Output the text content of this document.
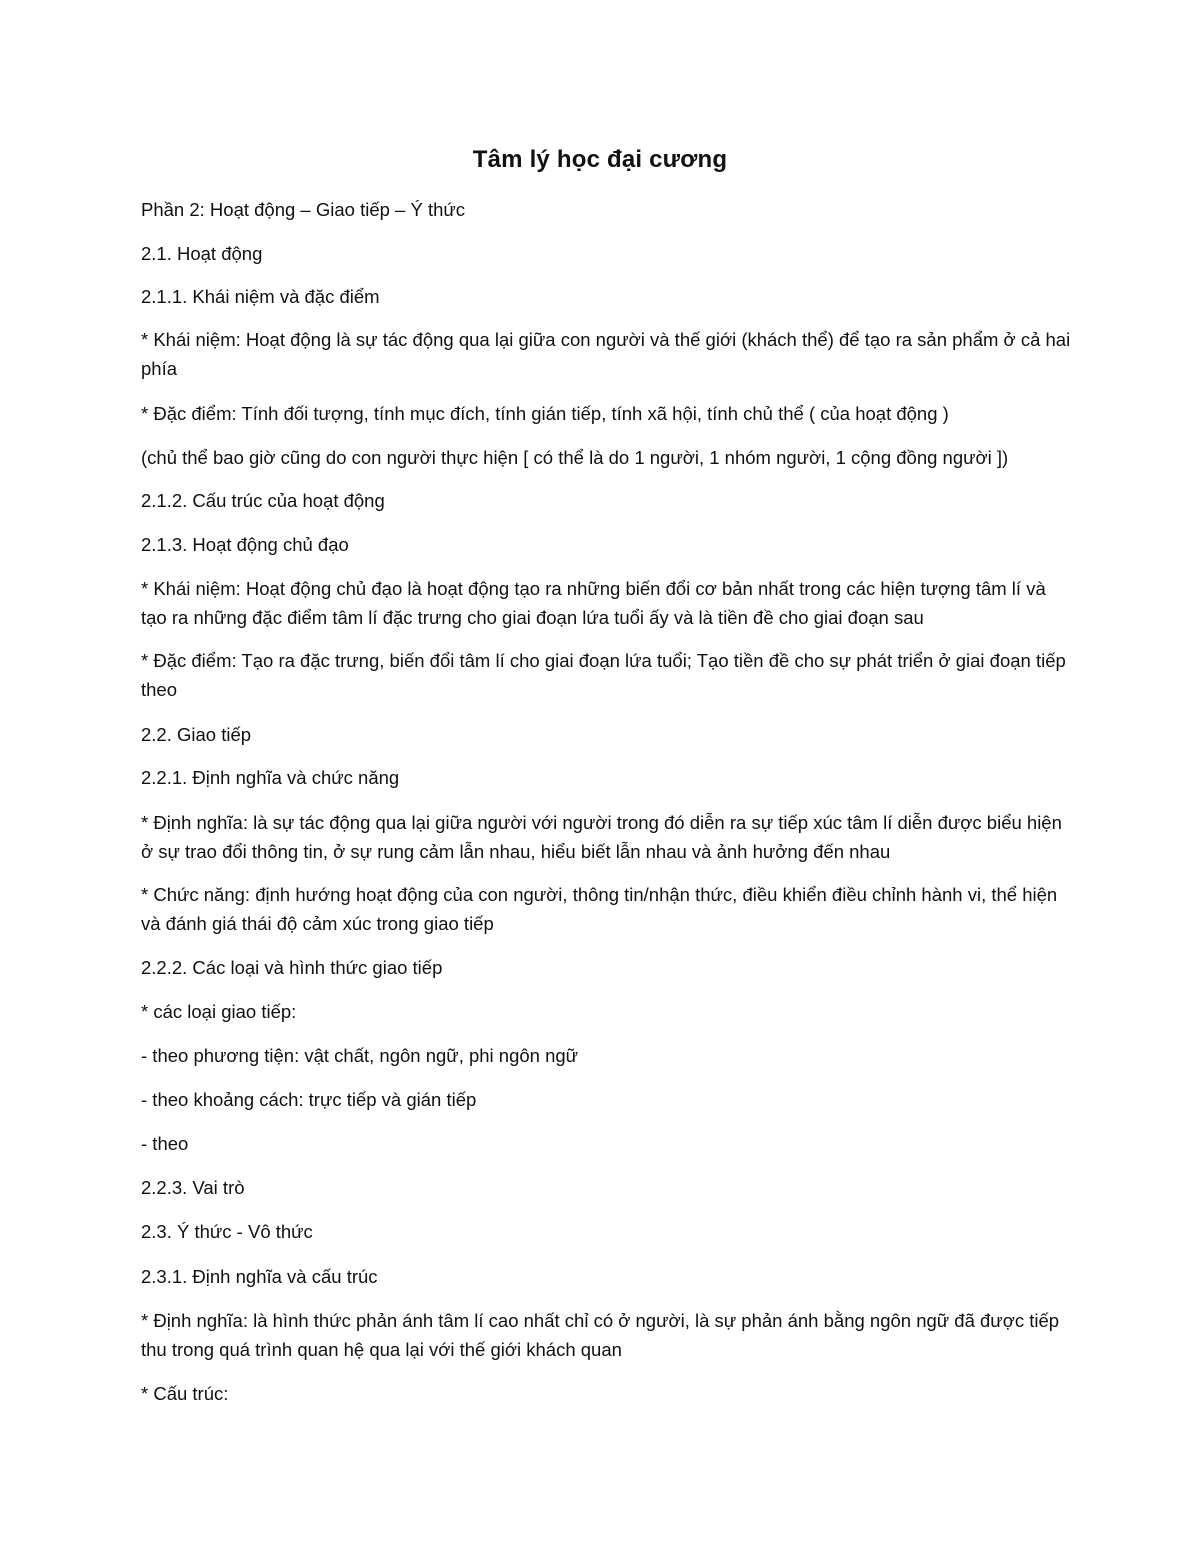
Tâm lý học đại cương

Phần 2: Hoạt động – Giao tiếp – Ý thức

2.1. Hoạt động

2.1.1. Khái niệm và đặc điểm

* Khái niệm: Hoạt động là sự tác động qua lại giữa con người và thế giới (khách thể) để tạo ra sản phẩm ở cả hai phía

* Đặc điểm: Tính đối tượng, tính mục đích, tính gián tiếp, tính xã hội, tính chủ thể ( của hoạt động )

(chủ thể bao giờ cũng do con người thực hiện [ có thể là do 1 người, 1 nhóm người, 1 cộng đồng người ])

2.1.2. Cấu trúc của hoạt động

2.1.3. Hoạt động chủ đạo

* Khái niệm: Hoạt động chủ đạo là hoạt động tạo ra những biến đổi cơ bản nhất trong các hiện tượng tâm lí và tạo ra những đặc điểm tâm lí đặc trưng cho giai đoạn lứa tuổi ấy và là tiền đề cho giai đoạn sau

* Đặc điểm: Tạo ra đặc trưng, biến đổi tâm lí cho giai đoạn lứa tuổi; Tạo tiền đề cho sự phát triển ở giai đoạn tiếp theo

2.2. Giao tiếp

2.2.1. Định nghĩa và chức năng

* Định nghĩa: là sự tác động qua lại giữa người với người trong đó diễn ra sự tiếp xúc tâm lí diễn được biểu hiện ở sự trao đổi thông tin, ở sự rung cảm lẫn nhau, hiểu biết lẫn nhau và ảnh hưởng đến nhau

* Chức năng: định hướng hoạt động của con người, thông tin/nhận thức, điều khiển điều chỉnh hành vi, thể hiện và đánh giá thái độ cảm xúc trong giao tiếp

2.2.2. Các loại và hình thức giao tiếp

* các loại giao tiếp:

- theo phương tiện: vật chất, ngôn ngữ, phi ngôn ngữ

- theo khoảng cách: trực tiếp và gián tiếp

- theo

2.2.3. Vai trò

2.3. Ý thức - Vô thức

2.3.1. Định nghĩa và cấu trúc

* Định nghĩa: là hình thức phản ánh tâm lí cao nhất chỉ có ở người, là sự phản ánh bằng ngôn ngữ đã được tiếp thu trong quá trình quan hệ qua lại với thế giới khách quan

* Cấu trúc:
